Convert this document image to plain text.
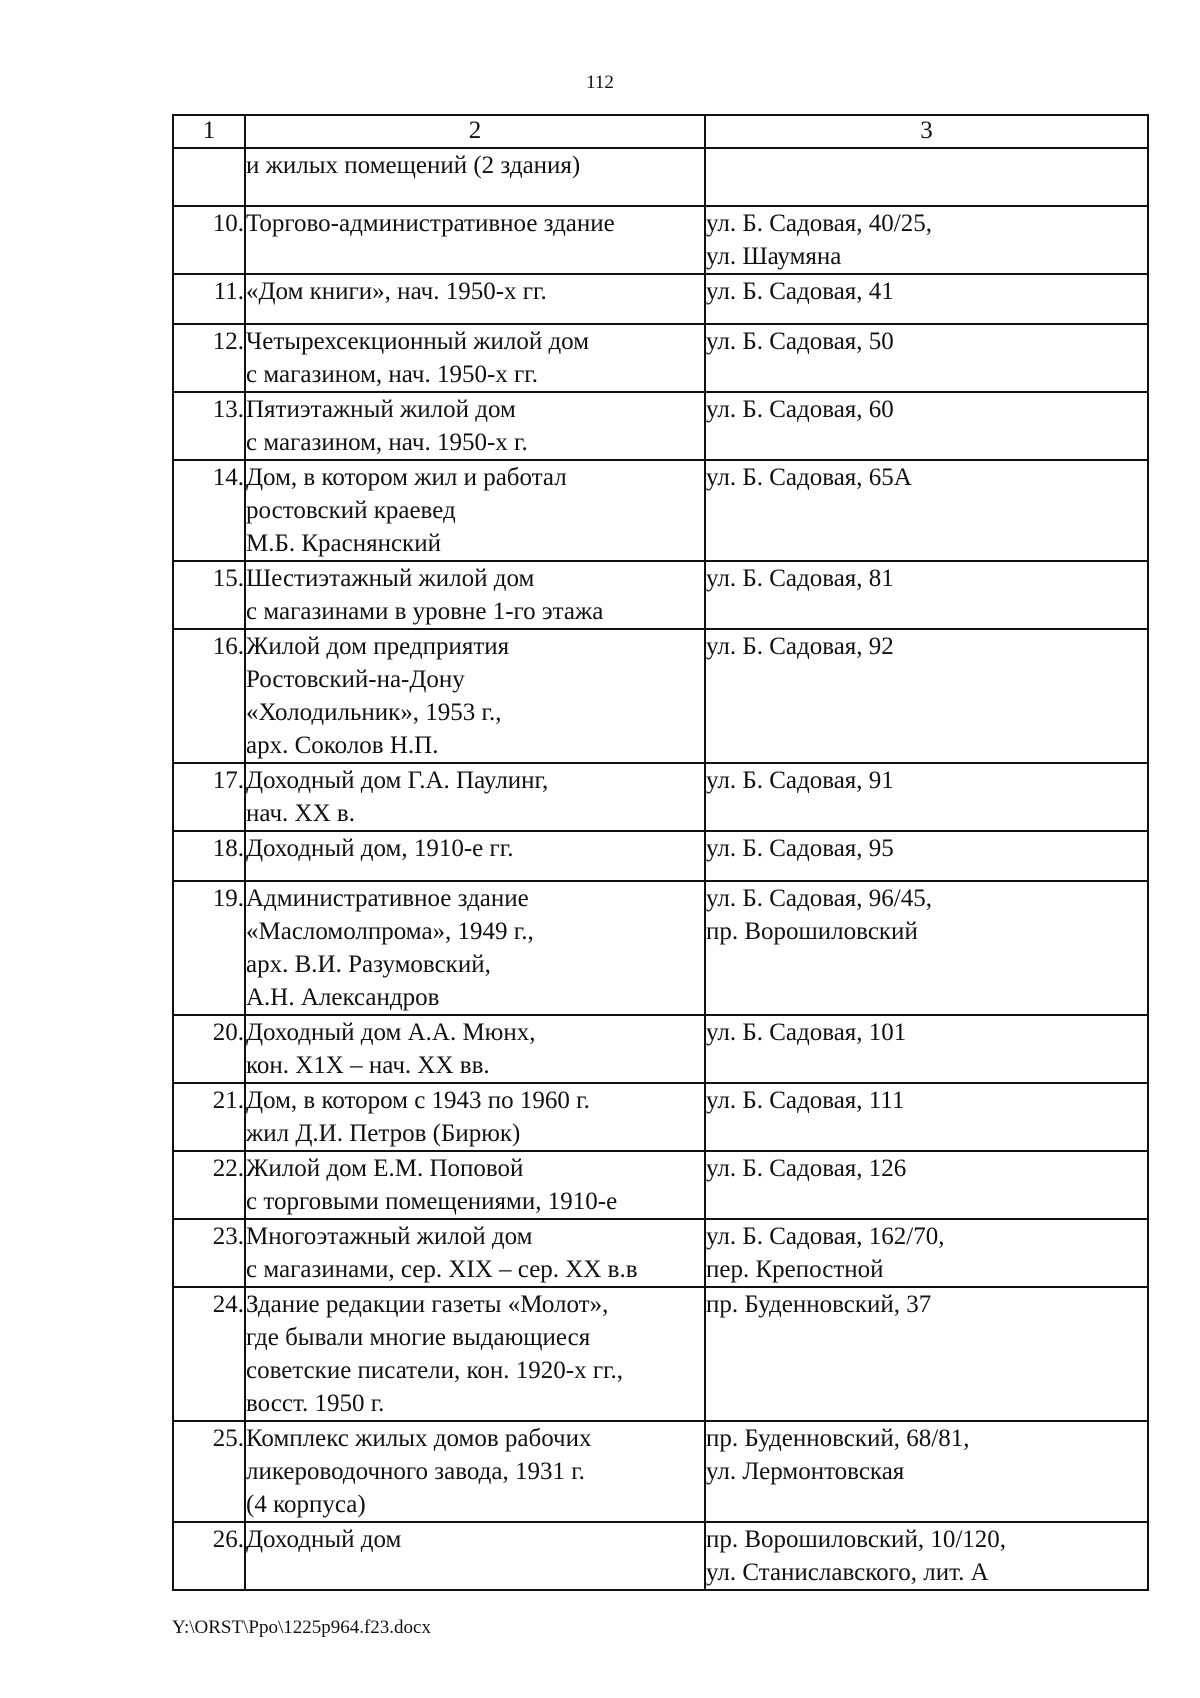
112
1	2	3

	и жилых помещений (2 здания)	

10.	Торгово-административное здание	ул. Б. Садовая, 40/25,
ул. Шаумяна

11.	«Дом книги», нач. 1950-х гг.	ул. Б. Садовая, 41

12.	Четырехсекционный жилой дом
с магазином, нач. 1950-х гг.	ул. Б. Садовая, 50

13.	Пятиэтажный жилой дом
с магазином, нач. 1950-х г.	ул. Б. Садовая, 60

14.	Дом, в котором жил и работал
ростовский краевед
М.Б. Краснянский	ул. Б. Садовая, 65А

15.	Шестиэтажный жилой дом
с магазинами в уровне 1-го этажа	ул. Б. Садовая, 81

16.	Жилой дом предприятия
Ростовский-на-Дону
«Холодильник», 1953 г.,
арх. Соколов Н.П.	ул. Б. Садовая, 92

17.	Доходный дом Г.А. Паулинг,
нач. XX в.	ул. Б. Садовая, 91

18.	Доходный дом, 1910-е гг.	ул. Б. Садовая, 95

19.	Административное здание
«Масломолпрома», 1949 г.,
арх. В.И. Разумовский,
А.Н. Александров	ул. Б. Садовая, 96/45,
пр. Ворошиловский

20.	Доходный дом А.А. Мюнх,
кон. X1X – нач. XX вв.	ул. Б. Садовая, 101

21.	Дом, в котором с 1943 по 1960 г.
жил Д.И. Петров (Бирюк)	ул. Б. Садовая, 111

22.	Жилой дом Е.М. Поповой
с торговыми помещениями, 1910-е	ул. Б. Садовая, 126

23.	Многоэтажный жилой дом
с магазинами, сер. XIX – сер. XX в.в	ул. Б. Садовая, 162/70,
пер. Крепостной

24.	Здание редакции газеты «Молот»,
где бывали многие выдающиеся
советские писатели, кон. 1920-х гг.,
восст. 1950 г.	пр. Буденновский, 37

25.	Комплекс жилых домов рабочих
ликероводочного завода, 1931 г.
(4 корпуса)	пр. Буденновский, 68/81,
ул. Лермонтовская

26.	Доходный дом	пр. Ворошиловский, 10/120,
ул. Станиславского, лит. А
Y:\ORST\Ppo\1225p964.f23.docx
